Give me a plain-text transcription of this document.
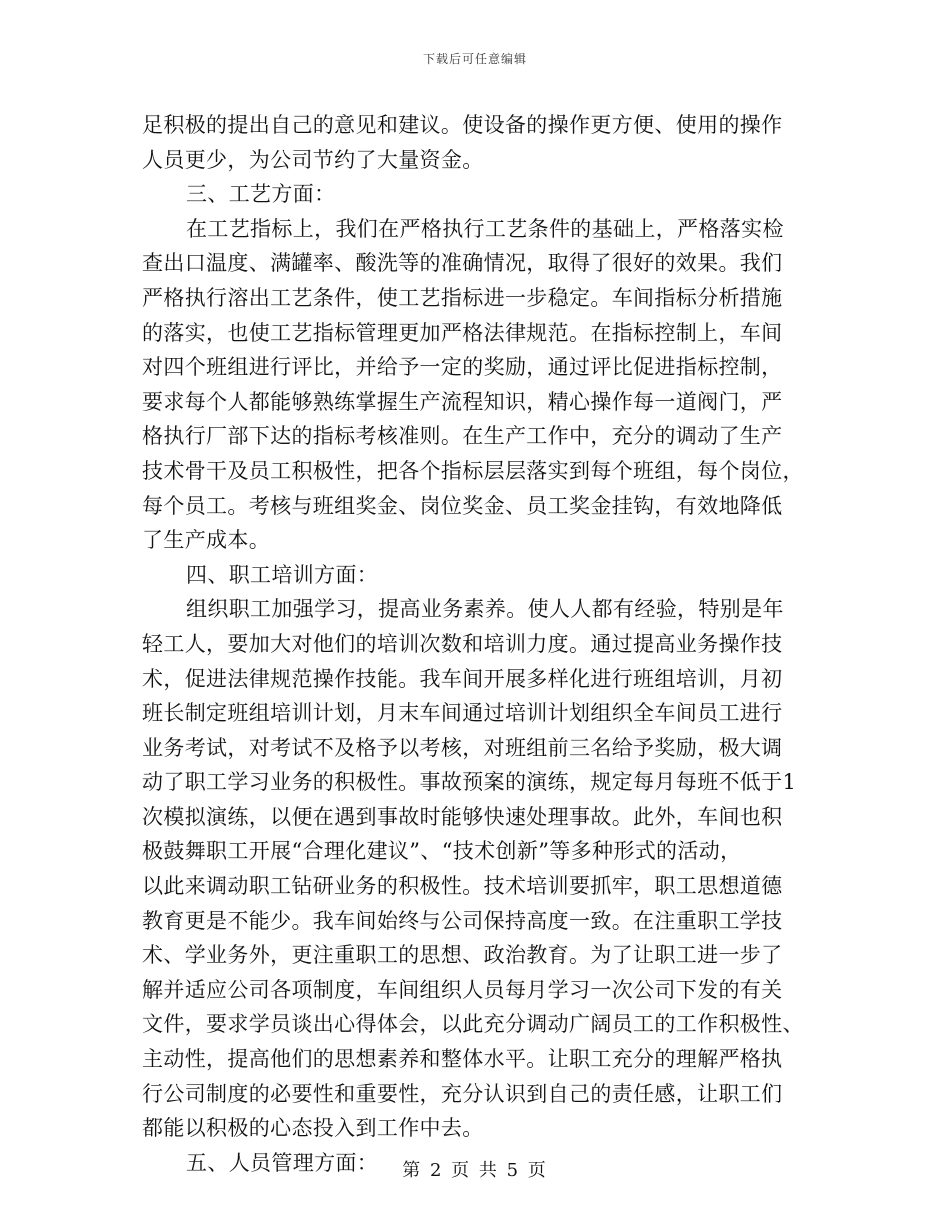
下载后可任意编辑
足积极的提出自己的意见和建议。使设备的操作更方便、使用的操作
人员更少，为公司节约了大量资金。
三、工艺方面：
在工艺指标上，我们在严格执行工艺条件的基础上，严格落实检
查出口温度、满罐率、酸洗等的准确情况，取得了很好的效果。我们
严格执行溶出工艺条件，使工艺指标进一步稳定。车间指标分析措施
的落实，也使工艺指标管理更加严格法律规范。在指标控制上，车间
对四个班组进行评比，并给予一定的奖励，通过评比促进指标控制，
要求每个人都能够熟练掌握生产流程知识，精心操作每一道阀门，严
格执行厂部下达的指标考核准则。在生产工作中，充分的调动了生产
技术骨干及员工积极性，把各个指标层层落实到每个班组，每个岗位，
每个员工。考核与班组奖金、岗位奖金、员工奖金挂钩，有效地降低
了生产成本。
四、职工培训方面：
组织职工加强学习，提高业务素养。使人人都有经验，特别是年
轻工人，要加大对他们的培训次数和培训力度。通过提高业务操作技
术，促进法律规范操作技能。我车间开展多样化进行班组培训，月初
班长制定班组培训计划，月末车间通过培训计划组织全车间员工进行
业务考试，对考试不及格予以考核，对班组前三名给予奖励，极大调
动了职工学习业务的积极性。事故预案的演练，规定每月每班不低于1
次模拟演练，以便在遇到事故时能够快速处理事故。此外，车间也积
极鼓舞职工开展“合理化建议”、“技术创新”等多种形式的活动，
以此来调动职工钻研业务的积极性。技术培训要抓牢，职工思想道德
教育更是不能少。我车间始终与公司保持高度一致。在注重职工学技
术、学业务外，更注重职工的思想、政治教育。为了让职工进一步了
解并适应公司各项制度，车间组织人员每月学习一次公司下发的有关
文件，要求学员谈出心得体会，以此充分调动广阔员工的工作积极性、
主动性，提高他们的思想素养和整体水平。让职工充分的理解严格执
行公司制度的必要性和重要性，充分认识到自己的责任感，让职工们
都能以积极的心态投入到工作中去。
五、人员管理方面：	第 2 页 共 5 页
